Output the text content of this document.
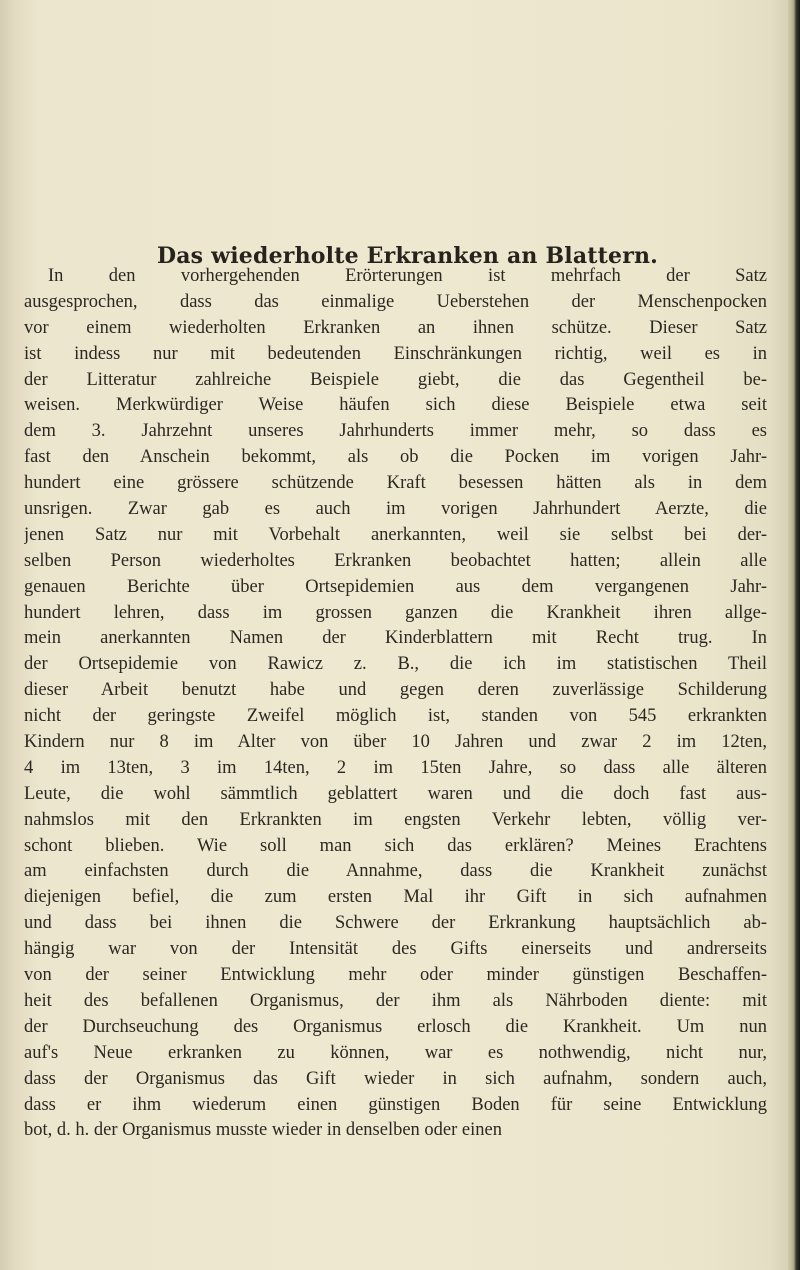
Das wiederholte Erkranken an Blattern.
In den vorhergehenden Erörterungen ist mehrfach der Satz
ausgesprochen, dass das einmalige Ueberstehen der Menschenpocken
vor einem wiederholten Erkranken an ihnen schütze. Dieser Satz
ist indess nur mit bedeutenden Einschränkungen richtig, weil es in
der Litteratur zahlreiche Beispiele giebt, die das Gegentheil be-
weisen. Merkwürdiger Weise häufen sich diese Beispiele etwa seit
dem 3. Jahrzehnt unseres Jahrhunderts immer mehr, so dass es
fast den Anschein bekommt, als ob die Pocken im vorigen Jahr-
hundert eine grössere schützende Kraft besessen hätten als in dem
unsrigen. Zwar gab es auch im vorigen Jahrhundert Aerzte, die
jenen Satz nur mit Vorbehalt anerkannten, weil sie selbst bei der-
selben Person wiederholtes Erkranken beobachtet hatten; allein alle
genauen Berichte über Ortsepidemien aus dem vergangenen Jahr-
hundert lehren, dass im grossen ganzen die Krankheit ihren allge-
mein anerkannten Namen der Kinderblattern mit Recht trug. In
der Ortsepidemie von Rawicz z. B., die ich im statistischen Theil
dieser Arbeit benutzt habe und gegen deren zuverlässige Schilderung
nicht der geringste Zweifel möglich ist, standen von 545 erkrankten
Kindern nur 8 im Alter von über 10 Jahren und zwar 2 im 12ten,
4 im 13ten, 3 im 14ten, 2 im 15ten Jahre, so dass alle älteren
Leute, die wohl sämmtlich geblattert waren und die doch fast aus-
nahmslos mit den Erkrankten im engsten Verkehr lebten, völlig ver-
schont blieben. Wie soll man sich das erklären? Meines Erachtens
am einfachsten durch die Annahme, dass die Krankheit zunächst
diejenigen befiel, die zum ersten Mal ihr Gift in sich aufnahmen
und dass bei ihnen die Schwere der Erkrankung hauptsächlich ab-
hängig war von der Intensität des Gifts einerseits und andrerseits
von der seiner Entwicklung mehr oder minder günstigen Beschaffen-
heit des befallenen Organismus, der ihm als Nährboden diente: mit
der Durchseuchung des Organismus erlosch die Krankheit. Um nun
auf's Neue erkranken zu können, war es nothwendig, nicht nur,
dass der Organismus das Gift wieder in sich aufnahm, sondern auch,
dass er ihm wiederum einen günstigen Boden für seine Entwicklung
bot, d. h. der Organismus musste wieder in denselben oder einen
